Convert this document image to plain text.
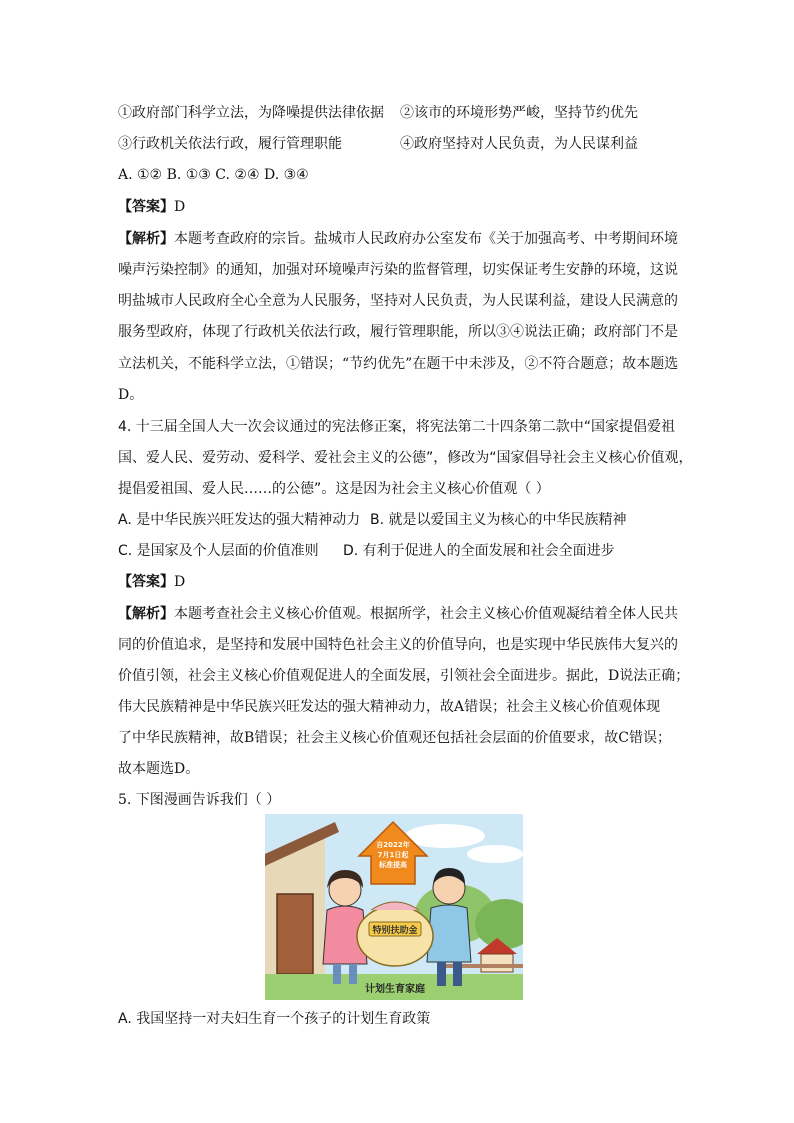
①政府部门科学立法，为降噪提供法律依据 ②该市的环境形势严峻，坚持节约优先
③行政机关依法行政，履行管理职能	④政府坚持对人民负责，为人民谋利益
A. ①② B. ①③ C. ②④ D. ③④
【答案】D
【解析】本题考查政府的宗旨。盐城市人民政府办公室发布《关于加强高考、中考期间环境
噪声污染控制》的通知，加强对环境噪声污染的监督管理，切实保证考生安静的环境，这说
明盐城市人民政府全心全意为人民服务，坚持对人民负责，为人民谋利益，建设人民满意的
服务型政府，体现了行政机关依法行政，履行管理职能，所以③④说法正确；政府部门不是
立法机关，不能科学立法，①错误；“节约优先”在题干中未涉及，②不符合题意；故本题选
D。
4. 十三届全国人大一次会议通过的宪法修正案，将宪法第二十四条第二款中“国家提倡爱祖
国、爱人民、爱劳动、爱科学、爱社会主义的公德”，修改为“国家倡导社会主义核心价值观，
提倡爱祖国、爱人民……的公德”。这是因为社会主义核心价值观（ ）
A. 是中华民族兴旺发达的强大精神动力 B. 就是以爱国主义为核心的中华民族精神
C. 是国家及个人层面的价值准则 D. 有利于促进人的全面发展和社会全面进步
【答案】D
【解析】本题考查社会主义核心价值观。根据所学，社会主义核心价值观凝结着全体人民共
同的价值追求，是坚持和发展中国特色社会主义的价值导向，也是实现中华民族伟大复兴的
价值引领，社会主义核心价值观促进人的全面发展，引领社会全面进步。据此，D说法正确；
伟大民族精神是中华民族兴旺发达的强大精神动力，故A错误；社会主义核心价值观体现
了中华民族精神，故B错误；社会主义核心价值观还包括社会层面的价值要求，故C错误；
故本题选D。
5. 下图漫画告诉我们（ ）
自2022年
7月1日起
标准提高
特别扶助金
计划生育家庭
A. 我国坚持一对夫妇生育一个孩子的计划生育政策
